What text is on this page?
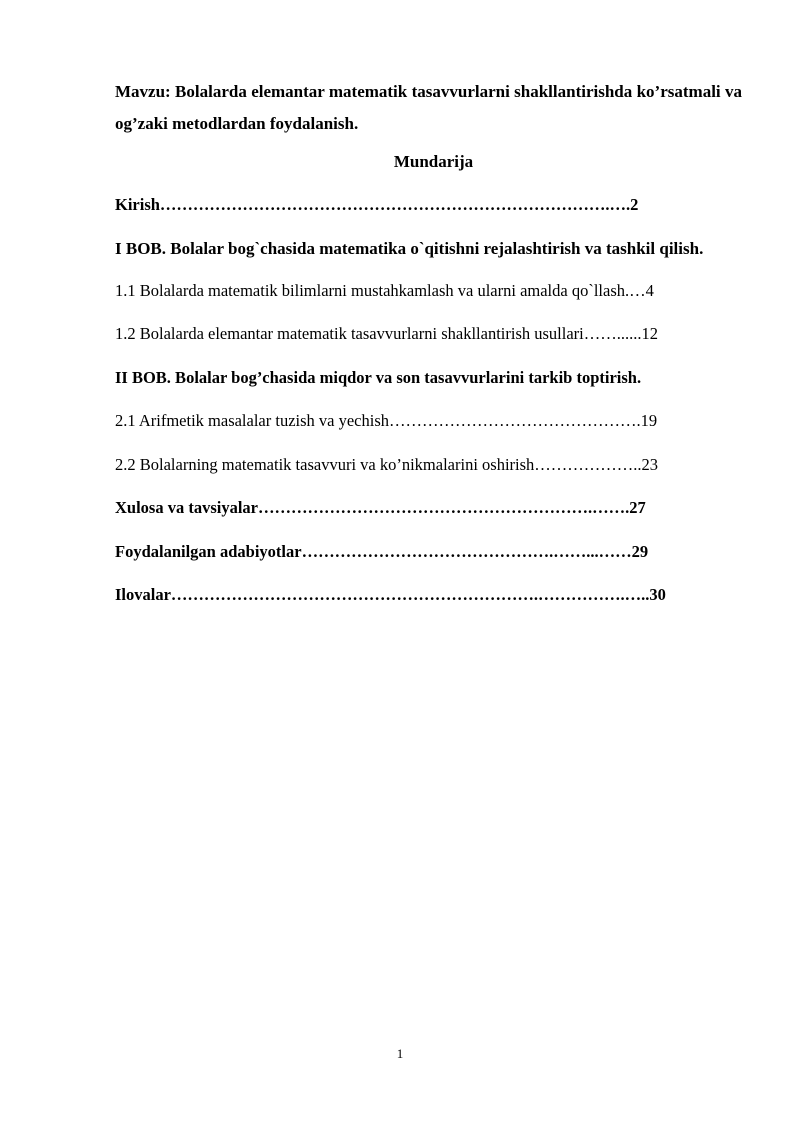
Mavzu: Bolalarda elemantar matematik tasavvurlarni shakllantirishda ko’rsatmali va og’zaki metodlardan foydalanish.

Mundarija

Kirish……………………………………………………………………….….2

I BOB. Bolalar bog`chasida matematika o`qitishni rejalashtirish va tashkil qilish.

1.1 Bolalarda matematik bilimlarni mustahkamlash va ularni amalda qo`llash.…4

1.2 Bolalarda elemantar matematik tasavvurlarni shakllantirish usullari……......12

II BOB. Bolalar bog’chasida miqdor va son tasavvurlarini tarkib toptirish.

2.1 Arifmetik masalalar tuzish va yechish……………………………………….19

2.2 Bolalarning matematik tasavvuri va ko’nikmalarini oshirish………………..23

Xulosa va tavsiyalar…………………………………………………….…….27

Foydalanilgan adabiyotlar……………………………………….……...……29

Ilovalar………………………………………………………….…………….…..30

1
